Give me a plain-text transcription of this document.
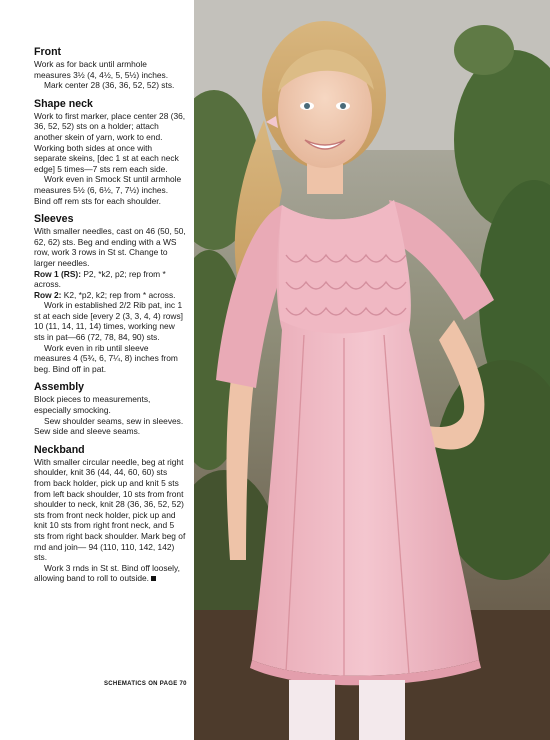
Front

Work as for back until armhole measures 3½ (4, 4½, 5, 5½) inches.

Mark center 28 (36, 36, 52, 52) sts.

Shape neck

Work to first marker, place center 28 (36, 36, 52, 52) sts on a holder; attach another skein of yarn, work to end. Working both sides at once with separate skeins, [dec 1 st at each neck edge] 5 times—7 sts rem each side.

Work even in Smock St until armhole measures 5½ (6, 6½, 7, 7½) inches. Bind off rem sts for each shoulder.

Sleeves

With smaller needles, cast on 46 (50, 50, 62, 62) sts. Beg and ending with a WS row, work 3 rows in St st. Change to larger needles.

Row 1 (RS): P2, *k2, p2; rep from * across.

Row 2: K2, *p2, k2; rep from * across.

Work in established 2/2 Rib pat, inc 1 st at each side [every 2 (3, 3, 4, 4) rows] 10 (11, 14, 11, 14) times, working new sts in pat—66 (72, 78, 84, 90) sts.

Work even in rib until sleeve measures 4 (5¾, 6, 7¼, 8) inches from beg. Bind off in pat.

Assembly

Block pieces to measurements, especially smocking.

Sew shoulder seams, sew in sleeves. Sew side and sleeve seams.

Neckband

With smaller circular needle, beg at right shoulder, knit 36 (44, 44, 60, 60) sts from back holder, pick up and knit 5 sts from left back shoulder, 10 sts from front shoulder to neck, knit 28 (36, 36, 52, 52) sts from front neck holder, pick up and knit 10 sts from right front neck, and 5 sts from right back shoulder. Mark beg of rnd and join— 94 (110, 110, 142, 142) sts.

Work 3 rnds in St st. Bind off loosely, allowing band to roll to outside.

SCHEMATICS ON PAGE 70
